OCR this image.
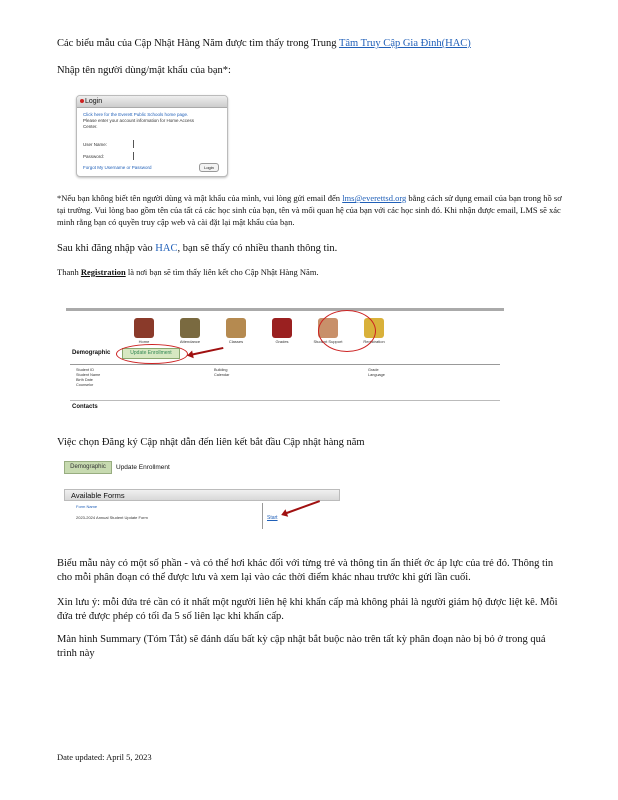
Các biểu mẫu của Cập Nhật Hàng Năm được tìm thấy trong Trung Tâm Truy Cập Gia Đình(HAC)
Nhập tên người dùng/mật khẩu của bạn*:
Login
Click here for the Everett Public Schools home page.
Please enter your account information for Home Access Center.
User Name:
Password:
Forgot My Username or Password	Login
*Nếu bạn không biết tên người dùng và mật khẩu của mình, vui lòng gửi email đến lms@everettsd.org bằng cách sử dụng email của bạn trong hồ sơ tại trường. Vui lòng bao gồm tên của tất cả các học sinh của bạn, tên và mối quan hệ của bạn với các học sinh đó. Khi nhận được email, LMS sẽ xác minh rằng bạn có quyền truy cập web và cài đặt lại mật khẩu của bạn.
Sau khi đăng nhập vào HAC, bạn sẽ thấy có nhiều thanh thông tin.
Thanh Registration là nơi bạn sẽ tìm thấy liên kết cho Cập Nhật Hàng Năm.
Home	Attendance	Classes	Grades	Student Support	Registration
Demographic	Update Enrollment
Student ID
Student Name
Birth Date
Counselor
Building
Calendar
Grade
Language
Contacts
Việc chọn Đăng ký Cập nhật dẫn đến liên kết bắt đầu Cập nhật hàng năm
Demographic	Update Enrollment
Available Forms
Form Name
2023-2024 Annual Student Update Form	Start
Biểu mẫu này có một số phần - và có thể hơi khác đối với từng trẻ và thông tin ẩn thiết ớc áp lực của trẻ đó. Thông tin cho mỗi phân đoạn có thể được lưu và xem lại vào các thời điểm khác nhau trước khi gửi lần cuối.
Xin lưu ý: mỗi đứa trẻ cần có ít nhất một người liên hệ khi khẩn cấp mà không phải là người giám hộ được liệt kê. Mỗi đứa trẻ được phép có tối đa 5 số liên lạc khi khẩn cấp.
Màn hình Summary (Tóm Tắt) sẽ đánh dấu bất kỳ cập nhật bắt buộc nào trên tất kỳ phân đoạn nào bị bỏ ở trong quá trình này
Date updated: April 5, 2023
